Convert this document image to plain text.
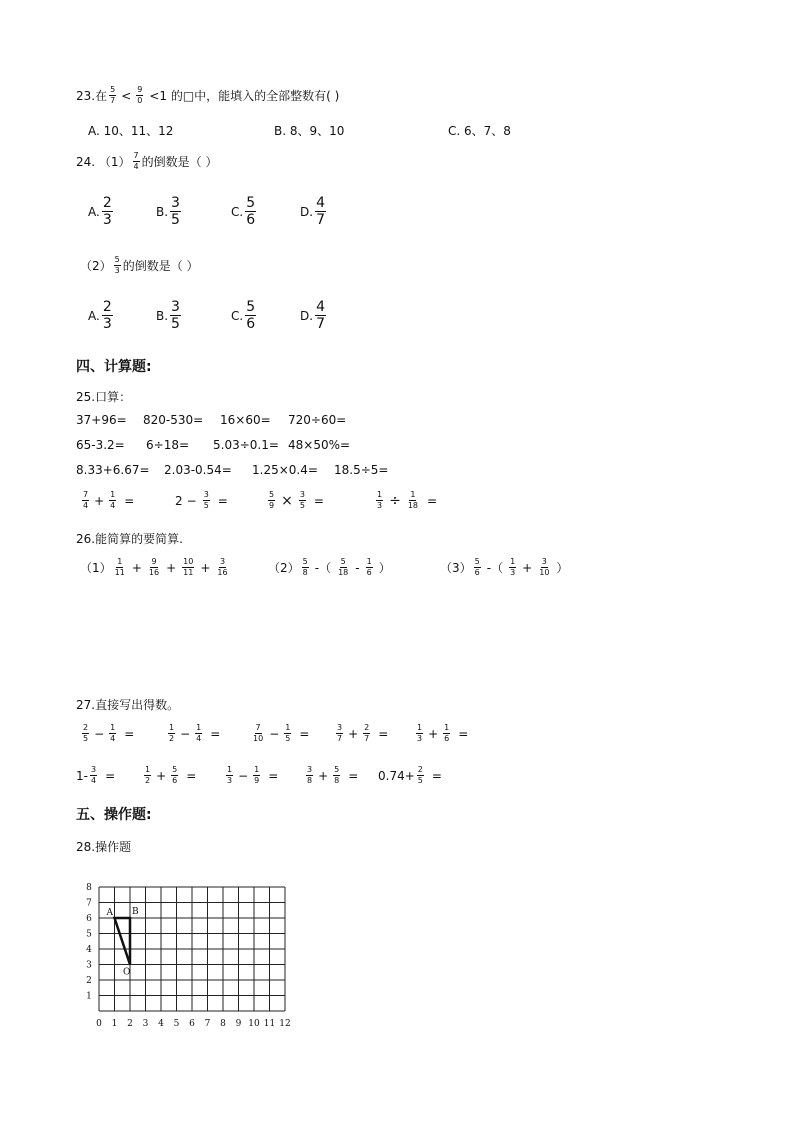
23.在 $\frac{5}{7} < \frac{9}{0} <1$ 的□中，能填入的全部整数有( )
A. 10、11、12	B. 8、9、10	C. 6、7、8
24. $(1) \frac{7}{4}$ 的倒数是（ ）
A. $\frac{2}{3}$	B. $\frac{3}{5}$	C. $\frac{5}{6}$	D. $\frac{4}{7}$
$(2) \frac{5}{3}$ 的倒数是（ ）
A. $\frac{2}{3}$	B. $\frac{3}{5}$	C. $\frac{5}{6}$	D. $\frac{4}{7}$
四、计算题:
25.口算：
37+96= 820-530= 16×60= 720÷60=
65-3.2= 6÷18= 5.03÷0.1= 48×50%=
8.33+6.67= 2.03-0.54= 1.25×0.4= 18.5÷5=
$\frac{7}{4} + \frac{1}{4}$ =	$2 - \frac{3}{5}$ =	$\frac{5}{9} \times \frac{3}{5}$ =	$\frac{1}{3} \div \frac{1}{18}$ =
26.能简算的要简算.
$(1) \frac{1}{11} + \frac{9}{16} + \frac{10}{11} + \frac{3}{16}$	$(2) \frac{5}{8}$ -（ $\frac{5}{18} - \frac{1}{6}$ ）	$(3) \frac{5}{6}$ -（ $\frac{1}{3} + \frac{3}{10}$ ）
27.直接写出得数。
$\frac{2}{5} - \frac{1}{4}$ =	$\frac{1}{2} - \frac{1}{4}$ =	$\frac{7}{10} - \frac{1}{5}$ =	$\frac{3}{7} + \frac{2}{7}$ =	$\frac{1}{3} + \frac{1}{6}$ =
$1- \frac{3}{4}$ =	$\frac{1}{2} + \frac{5}{6}$ =	$\frac{1}{3} - \frac{1}{9}$ =	$\frac{3}{8} + \frac{5}{8} = 0.74+ \frac{2}{5}$ =
五、操作题:
28.操作题
0 1 2 3 4 5 6 7 8 9 10 11 12
1
2
3
4
5
6
7
8
A B
O
